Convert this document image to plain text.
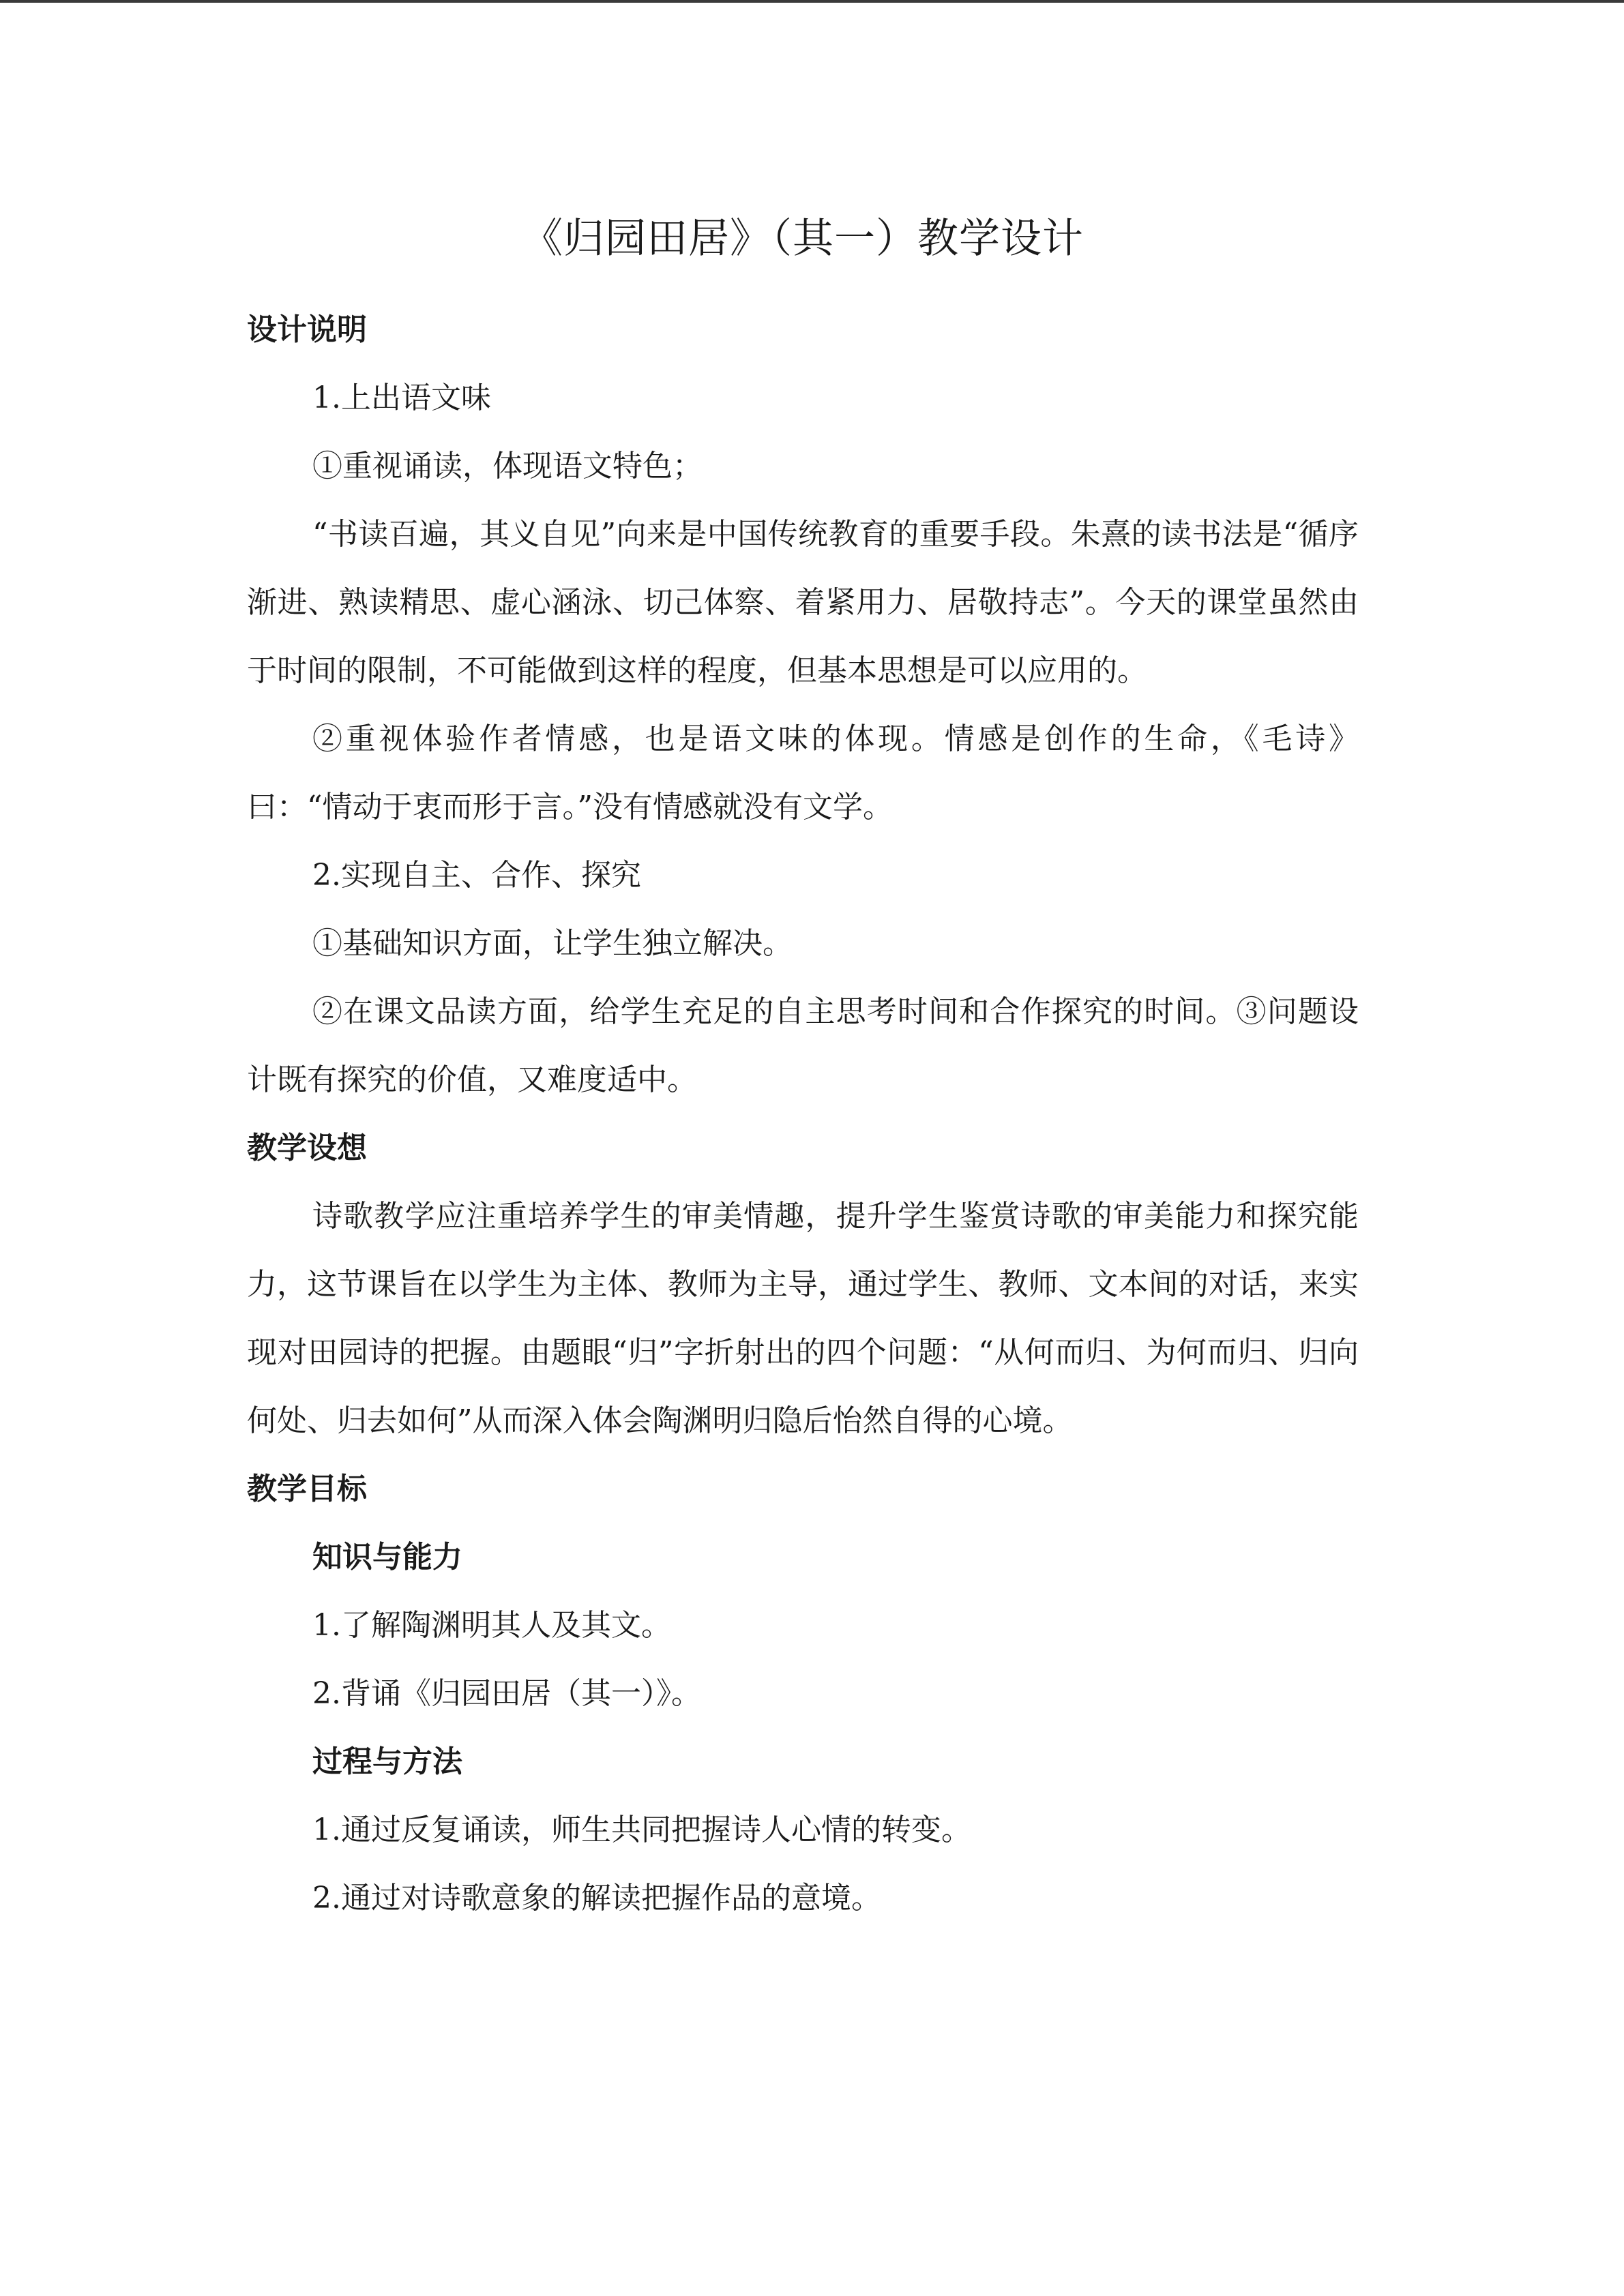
《归园田居》（其一）教学设计

设计说明

1.上出语文味

①重视诵读，体现语文特色；

“书读百遍，其义自见”向来是中国传统教育的重要手段。朱熹的读书法是“循序渐进、熟读精思、虚心涵泳、切己体察、着紧用力、居敬持志”。今天的课堂虽然由于时间的限制，不可能做到这样的程度，但基本思想是可以应用的。

②重视体验作者情感，也是语文味的体现。情感是创作的生命，《毛诗》曰：“情动于衷而形于言。”没有情感就没有文学。

2.实现自主、合作、探究

①基础知识方面，让学生独立解决。

②在课文品读方面，给学生充足的自主思考时间和合作探究的时间。③问题设计既有探究的价值，又难度适中。

教学设想

诗歌教学应注重培养学生的审美情趣，提升学生鉴赏诗歌的审美能力和探究能力，这节课旨在以学生为主体、教师为主导，通过学生、教师、文本间的对话，来实现对田园诗的把握。由题眼“归”字折射出的四个问题：“从何而归、为何而归、归向何处、归去如何”从而深入体会陶渊明归隐后怡然自得的心境。

教学目标

知识与能力

1.了解陶渊明其人及其文。

2.背诵《归园田居（其一）》。

过程与方法

1.通过反复诵读，师生共同把握诗人心情的转变。

2.通过对诗歌意象的解读把握作品的意境。
